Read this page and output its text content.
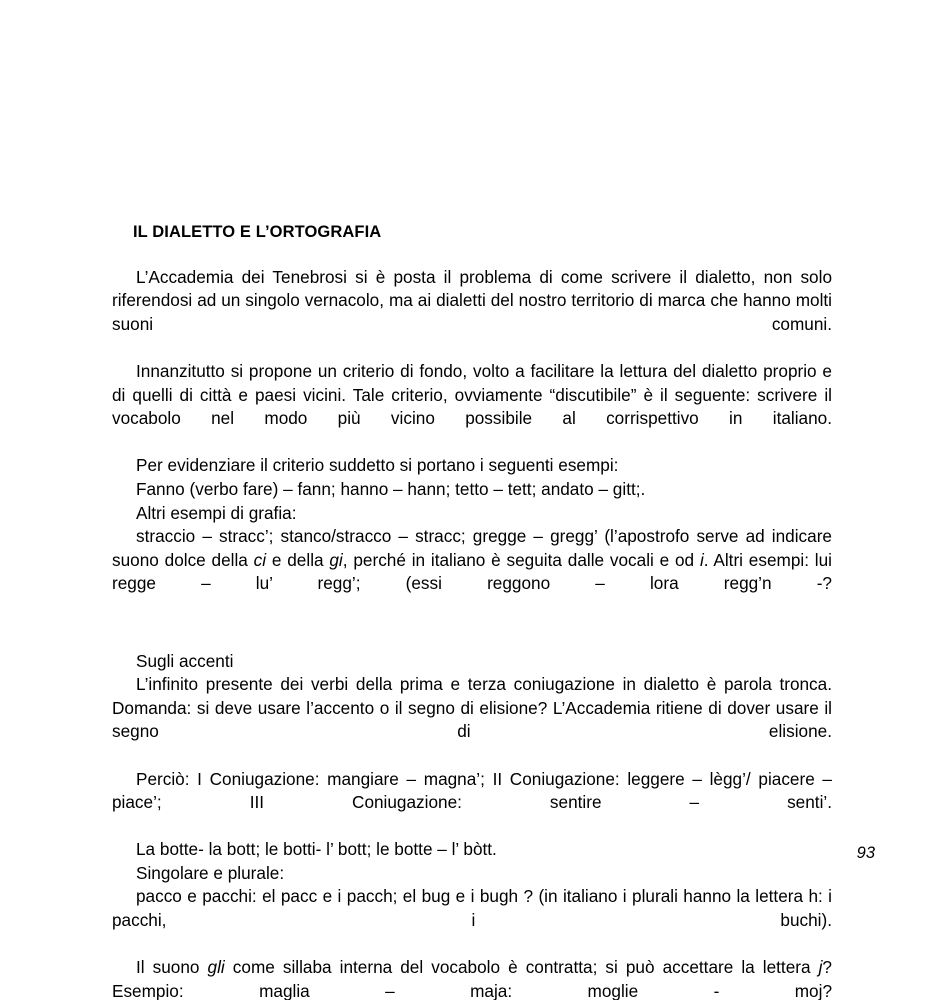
IL DIALETTO E L’ORTOGRAFIA

L’Accademia dei Tenebrosi si è posta il problema di come scrivere il dialetto, non solo riferendosi ad un singolo vernacolo, ma ai dialetti del nostro territorio di marca che hanno molti suoni comuni.

Innanzitutto si propone un criterio di fondo, volto a facilitare la lettura del dialetto proprio e di quelli di città e paesi vicini. Tale criterio, ovviamente “discutibile” è il seguente: scrivere il vocabolo nel modo più vicino possibile al corrispettivo in italiano.

Per evidenziare il criterio suddetto si portano i seguenti esempi:

Fanno (verbo fare) – fann; hanno – hann; tetto – tett; andato – gitt;.

Altri esempi di grafia:

straccio – stracc’; stanco/stracco – stracc; gregge – gregg’ (l’apostrofo serve ad indicare suono dolce della ci e della gi, perché in italiano è seguita dalle vocali e od i. Altri esempi: lui regge – lu’ regg’; (essi reggono – lora regg’n -?

Sugli accenti

L’infinito presente dei verbi della prima e terza coniugazione in dialetto è parola tronca. Domanda: si deve usare l’accento o il segno di elisione? L’Accademia ritiene di dover usare il segno di elisione.

Perciò: I Coniugazione: mangiare – magna’; II Coniugazione: leggere – lègg’/ piacere – piace’; III Coniugazione: sentire – senti’.

La botte- la bott; le botti- l’ bott; le botte – l’ bòtt.

Singolare e plurale:

pacco e pacchi: el pacc e i pacch; el bug e i bugh ? (in italiano i plurali hanno la lettera h: i pacchi, i buchi).

Il suono gli come sillaba interna del vocabolo è contratta; si può accettare la lettera j? Esempio: maglia – maja: moglie - moj?

93
